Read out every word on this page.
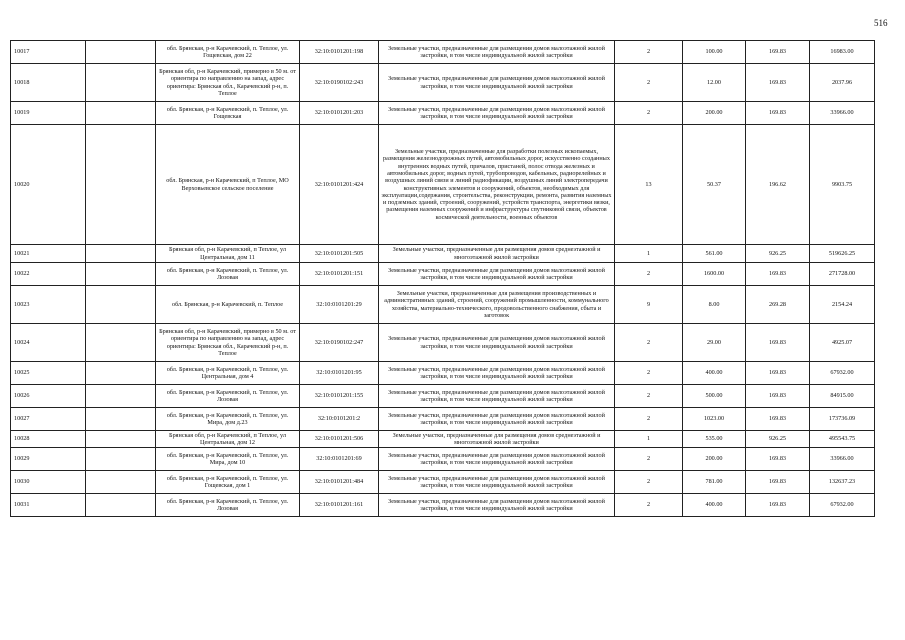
516
10017		обл. Брянская, р-н Карачевский, п. Теплое, ул. Гощевская, дом 22	32:10:0101201:198	Земельные участки, предназначенные для размещения домов малоэтажной жилой застройки, в том числе индивидуальной жилой застройки	2	100.00	169.83	16983.00
10018		Брянская обл, р-н Карачевский, примерно в 50 м. от ориентира по направлению на запад, адрес ориентира: Брянская обл., Карачевский р-н, п. Теплое	32:10:0190102:243	Земельные участки, предназначенные для размещения домов малоэтажной жилой застройки, в том числе индивидуальной жилой застройки	2	12.00	169.83	2037.96
10019		обл. Брянская, р-н Карачевский, п. Теплое, ул. Гощевская	32:10:0101201:203	Земельные участки, предназначенные для размещения домов малоэтажной жилой застройки, в том числе индивидуальной жилой застройки	2	200.00	169.83	33966.00
10020		обл. Брянская, р-н Карачевский, п Теплое, МО Верховьевское сельское поселение	32:10:0101201:424	Земельные участки, предназначенные для разработки полезных ископаемых, размещения железнодорожных путей, автомобильных дорог, искусственно созданных внутренних водных путей, причалов, пристаней, полос отвода железных и автомобильных дорог, водных путей, трубопроводов, кабельных, радиорелейных и воздушных линий связи и линий радиофикации, воздушных линий электропередачи конструктивных элементов и сооружений, объектов, необходимых для эксплуатации,содержания, строительства, реконструкции, ремонта, развития наземных и подземных зданий, строений, сооружений, устройств транспорта, энергетики вязки, размещения наземных сооружений и инфраструктуры спутниковой связи, объектов космической деятельности, военных объектов	13	50.37	196.62	9903.75
10021		Брянская обл, р-н Карачевский, п Теплое, ул Центральная, дом 11	32:10:0101201:505	Земельные участки, предназначенные для размещения домов среднеэтажной и многоэтажной жилой застройки	1	561.00	926.25	519626.25
10022		обл. Брянская, р-н Карачевский, п. Теплое, ул. Лозовая	32:10:0101201:151	Земельные участки, предназначенные для размещения домов малоэтажной жилой застройки, в том числе индивидуальной жилой застройки	2	1600.00	169.83	271728.00
10023		обл. Брянская, р-н Карачевский, п. Теплое	32:10:0101201:29	Земельные участки, предназначенные для размещения производственных и административных зданий, строений, сооружений промышленности, коммунального хозяйства, материально-технического, продовольственного снабжения, сбыта и заготовок	9	8.00	269.28	2154.24
10024		Брянская обл, р-н Карачевский, примерно в 50 м. от ориентира по направлению на запад, адрес ориентира: Брянская обл., Карачевский р-н, п. Теплое	32:10:0190102:247	Земельные участки, предназначенные для размещения домов малоэтажной жилой застройки, в том числе индивидуальной жилой застройки	2	29.00	169.83	4925.07
10025		обл. Брянская, р-н Карачевский, п. Теплое, ул. Центральная, дом 4	32:10:0101201:95	Земельные участки, предназначенные для размещения домов малоэтажной жилой застройки, в том числе индивидуальной жилой застройки	2	400.00	169.83	67932.00
10026		обл. Брянская, р-н Карачевский, п. Теплое, ул. Лозовая	32:10:0101201:155	Земельные участки, предназначенные для размещения домов малоэтажной жилой застройки, в том числе индивидуальной жилой застройки	2	500.00	169.83	84915.00
10027		обл. Брянская, р-н Карачевский, п. Теплое, ул. Мира, дом д.23	32:10:0101201:2	Земельные участки, предназначенные для размещения домов малоэтажной жилой застройки, в том числе индивидуальной жилой застройки	2	1023.00	169.83	173736.09
10028		Брянская обл, р-н Карачевский, п Теплое, ул Центральная, дом 12	32:10:0101201:506	Земельные участки, предназначенные для размещения домов среднеэтажной и многоэтажной жилой застройки	1	535.00	926.25	495543.75
10029		обл. Брянская, р-н Карачевский, п. Теплое, ул. Мира, дом 10	32:10:0101201:69	Земельные участки, предназначенные для размещения домов малоэтажной жилой застройки, в том числе индивидуальной жилой застройки	2	200.00	169.83	33966.00
10030		обл. Брянская, р-н Карачевский, п. Теплое, ул. Гощевская, дом 1	32:10:0101201:484	Земельные участки, предназначенные для размещения домов малоэтажной жилой застройки, в том числе индивидуальной жилой застройки	2	781.00	169.83	132637.23
10031		обл. Брянская, р-н Карачевский, п. Теплое, ул. Лозовая	32:10:0101201:161	Земельные участки, предназначенные для размещения домов малоэтажной жилой застройки, в том числе индивидуальной жилой застройки	2	400.00	169.83	67932.00
